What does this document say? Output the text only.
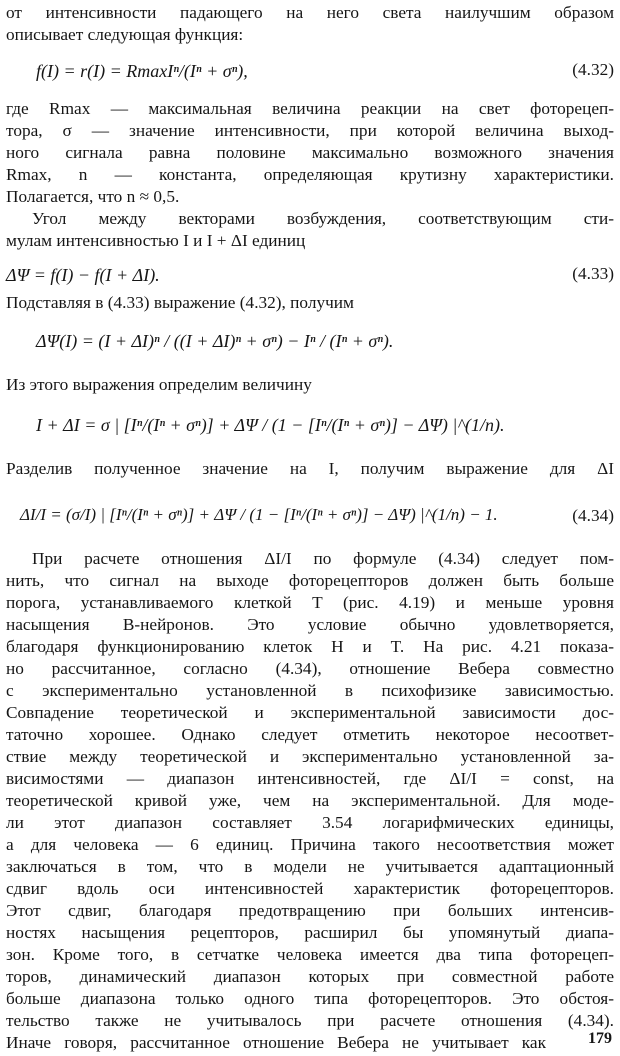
от интенсивности падающего на него света наилучшим образом
описывает следующая функция:
f(I) = r(I) = RmaxIⁿ/(Iⁿ + σⁿ),	(4.32)
где Rmax — максимальная величина реакции на свет фоторецеп-
тора, σ — значение интенсивности, при которой величина выход-
ного сигнала равна половине максимально возможного значения
Rmax, n — константа, определяющая крутизну характеристики.
Полагается, что n ≈ 0,5.
Угол между векторами возбуждения, соответствующим сти-
мулам интенсивностью I и I + ΔI единиц
ΔΨ = f(I) − f(I + ΔI).	(4.33)
Подставляя в (4.33) выражение (4.32), получим
ΔΨ(I) = (I + ΔI)ⁿ / ((I + ΔI)ⁿ + σⁿ) − Iⁿ / (Iⁿ + σⁿ).
Из этого выражения определим величину
I + ΔI = σ | [Iⁿ/(Iⁿ + σⁿ)] + ΔΨ / (1 − [Iⁿ/(Iⁿ + σⁿ)] − ΔΨ) |^(1/n).
Разделив полученное значение на I, получим выражение для ΔI
ΔI/I = (σ/I) | [Iⁿ/(Iⁿ + σⁿ)] + ΔΨ / (1 − [Iⁿ/(Iⁿ + σⁿ)] − ΔΨ) |^(1/n) − 1.	(4.34)
При расчете отношения ΔI/I по формуле (4.34) следует пом-
нить, что сигнал на выходе фоторецепторов должен быть больше
порога, устанавливаемого клеткой T (рис. 4.19) и меньше уровня
насыщения B-нейронов. Это условие обычно удовлетворяется,
благодаря функционированию клеток H и T. На рис. 4.21 показа-
но рассчитанное, согласно (4.34), отношение Вебера совместно
с экспериментально установленной в психофизике зависимостью.
Совпадение теоретической и экспериментальной зависимости дос-
таточно хорошее. Однако следует отметить некоторое несоответ-
ствие между теоретической и экспериментально установленной за-
висимостями — диапазон интенсивностей, где ΔI/I = const, на
теоретической кривой уже, чем на экспериментальной. Для моде-
ли этот диапазон составляет 3.54 логарифмических единицы,
а для человека — 6 единиц. Причина такого несоответствия может
заключаться в том, что в модели не учитывается адаптационный
сдвиг вдоль оси интенсивностей характеристик фоторецепторов.
Этот сдвиг, благодаря предотвращению при больших интенсив-
ностях насыщения рецепторов, расширил бы упомянутый диапа-
зон. Кроме того, в сетчатке человека имеется два типа фоторецеп-
торов, динамический диапазон которых при совместной работе
больше диапазона только одного типа фоторецепторов. Это обстоя-
тельство также не учитывалось при расчете отношения (4.34).
Иначе говоря, рассчитанное отношение Вебера не учитывает как	179
